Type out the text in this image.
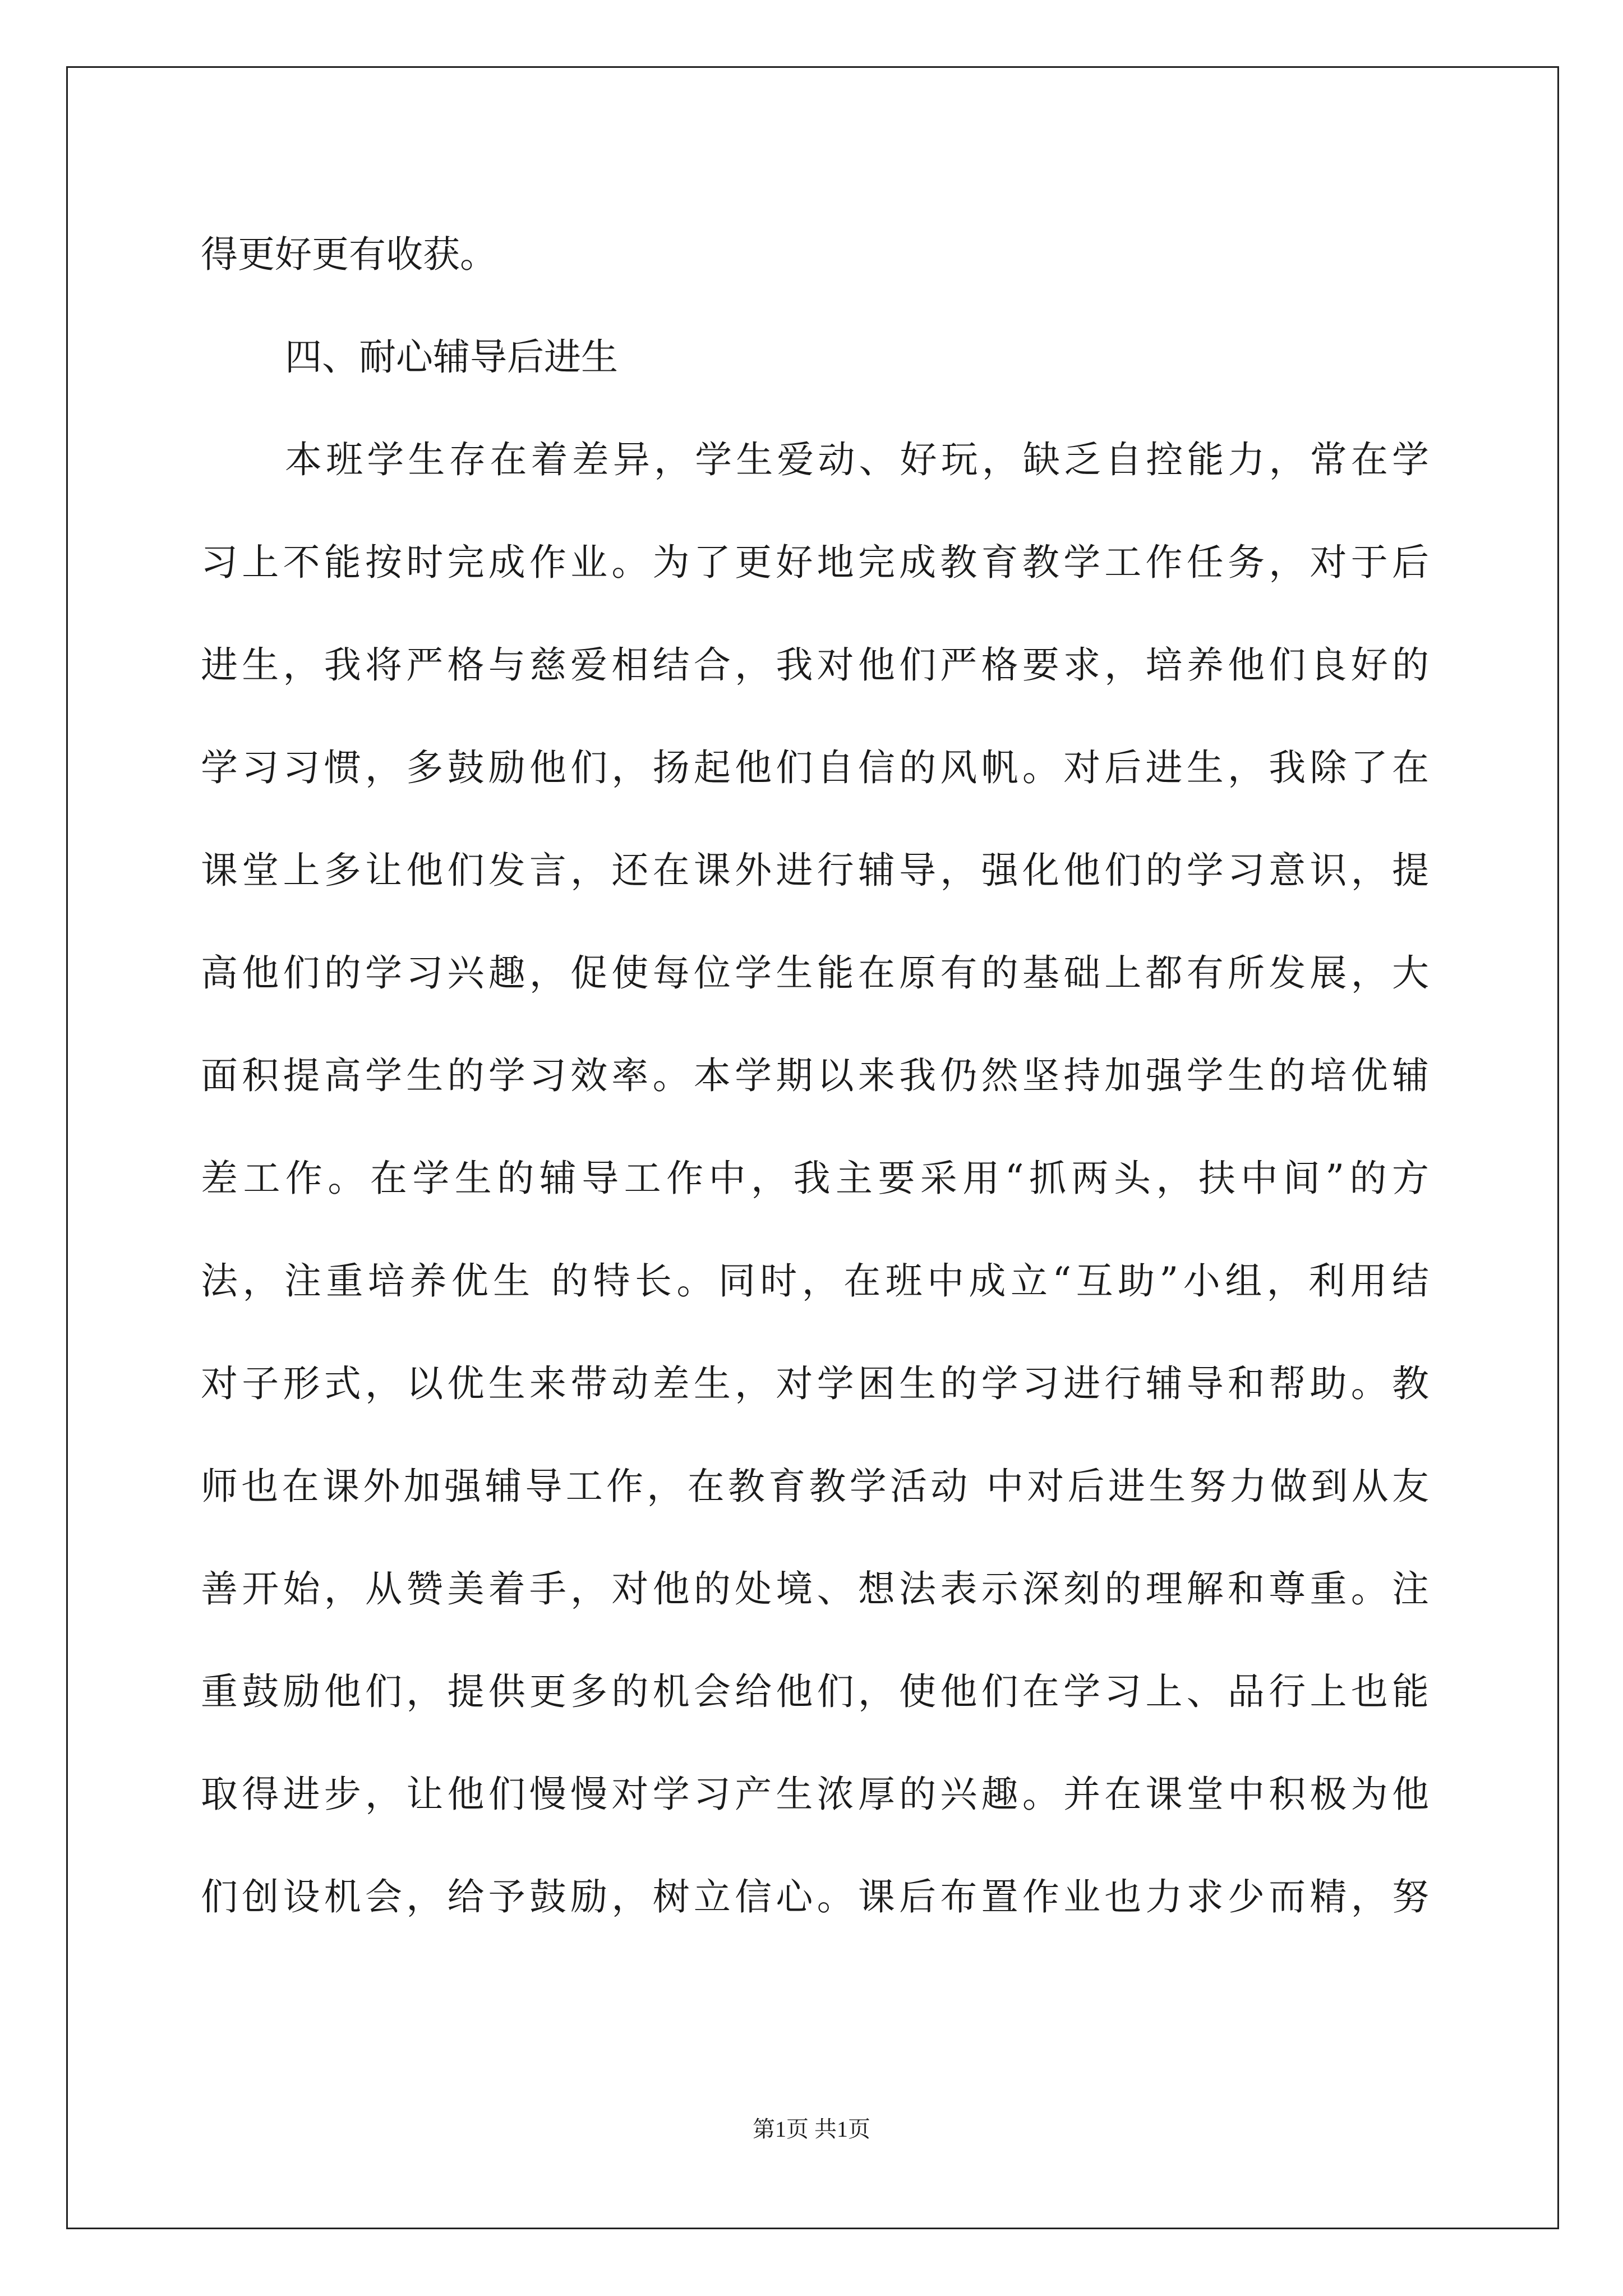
得更好更有收获。
四、耐心辅导后进生
本班学生存在着差异，学生爱动、好玩，缺乏自控能力，常在学
习上不能按时完成作业。为了更好地完成教育教学工作任务，对于后
进生，我将严格与慈爱相结合，我对他们严格要求，培养他们良好的
学习习惯，多鼓励他们，扬起他们自信的风帆。对后进生，我除了在
课堂上多让他们发言，还在课外进行辅导，强化他们的学习意识，提
高他们的学习兴趣，促使每位学生能在原有的基础上都有所发展，大
面积提高学生的学习效率。本学期以来我仍然坚持加强学生的培优辅
差工作。在学生的辅导工作中，我主要采用“抓两头，扶中间”的方
法，注重培养优生 的特长。同时，在班中成立“互助”小组，利用结
对子形式，以优生来带动差生，对学困生的学习进行辅导和帮助。教
师也在课外加强辅导工作，在教育教学活动 中对后进生努力做到从友
善开始，从赞美着手，对他的处境、想法表示深刻的理解和尊重。注
重鼓励他们，提供更多的机会给他们，使他们在学习上、品行上也能
取得进步，让他们慢慢对学习产生浓厚的兴趣。并在课堂中积极为他
们创设机会，给予鼓励，树立信心。课后布置作业也力求少而精，努
第1页 共1页
